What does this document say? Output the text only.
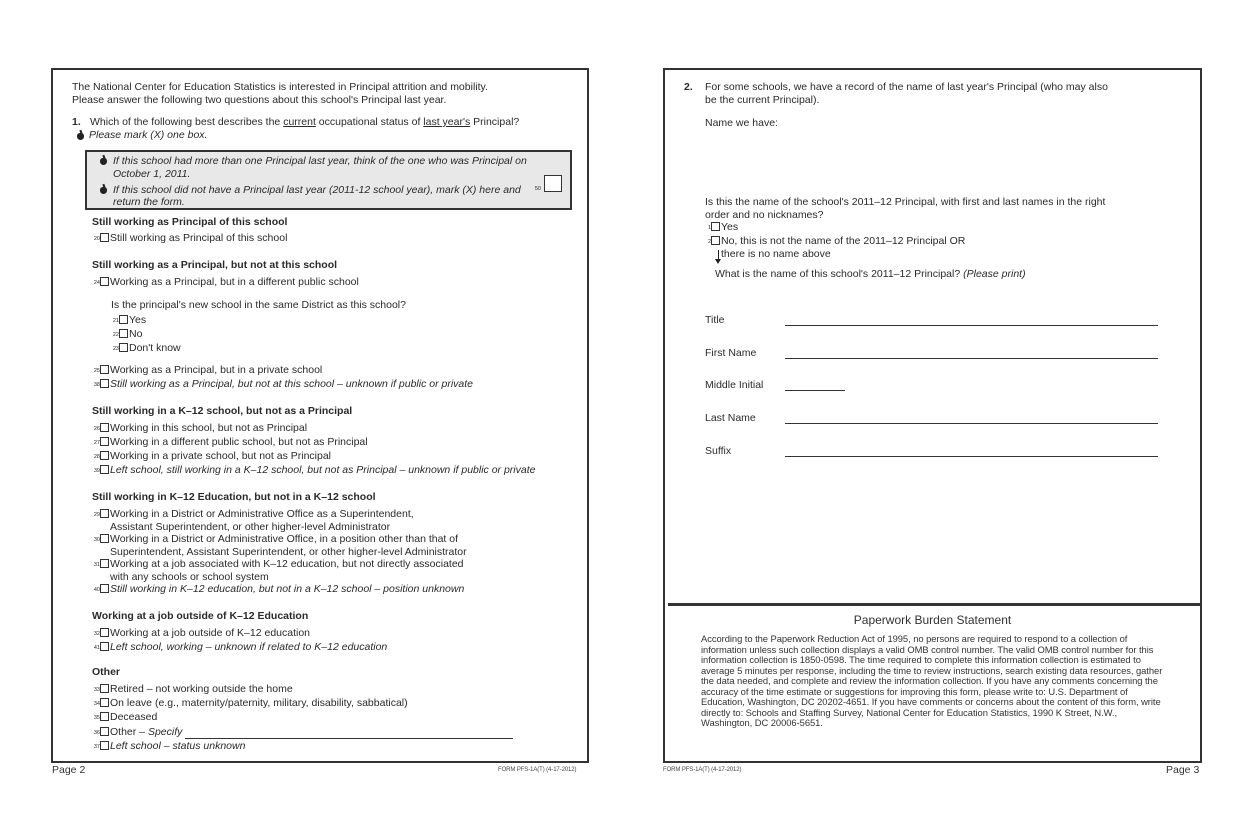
The National Center for Education Statistics is interested in Principal attrition and mobility.
Please answer the following two questions about this school's Principal last year.
1. Which of the following best describes the current occupational status of last year's Principal?
Please mark (X) one box.
If this school had more than one Principal last year, think of the one who was Principal on October 1, 2011.
If this school did not have a Principal last year (2011-12 school year), mark (X) here and return the form.
50
Still working as Principal of this school
20 Still working as Principal of this school
Still working as a Principal, but not at this school
24 Working as a Principal, but in a different public school
Is the principal's new school in the same District as this school?
21 Yes
22 No
23 Don't know
25 Working as a Principal, but in a private school
38 Still working as a Principal, but not at this school – unknown if public or private
Still working in a K–12 school, but not as a Principal
26 Working in this school, but not as Principal
27 Working in a different public school, but not as Principal
28 Working in a private school, but not as Principal
39 Left school, still working in a K–12 school, but not as Principal – unknown if public or private
Still working in K–12 Education, but not in a K–12 school
29 Working in a District or Administrative Office as a Superintendent,
Assistant Superintendent, or other higher-level Administrator
30 Working in a District or Administrative Office, in a position other than that of
Superintendent, Assistant Superintendent, or other higher-level Administrator
31 Working at a job associated with K–12 education, but not directly associated
with any schools or school system
40 Still working in K–12 education, but not in a K–12 school – position unknown
Working at a job outside of K–12 Education
32 Working at a job outside of K–12 education
41 Left school, working – unknown if related to K–12 education
Other
33 Retired – not working outside the home
34 On leave (e.g., maternity/paternity, military, disability, sabbatical)
35 Deceased
36 Other – Specify
37 Left school – status unknown
Page 2	FORM PFS-1A(T) (4-17-2012)
2.	For some schools, we have a record of the name of last year's Principal (who may also
be the current Principal).
Name we have:
Is this the name of the school's 2011–12 Principal, with first and last names in the right
order and no nicknames?
1 Yes
2 No, this is not the name of the 2011–12 Principal OR
there is no name above
What is the name of this school's 2011–12 Principal? (Please print)
Title
First Name
Middle Initial
Last Name
Suffix
Paperwork Burden Statement
According to the Paperwork Reduction Act of 1995, no persons are required to respond to a collection of information unless such collection displays a valid OMB control number. The valid OMB control number for this information collection is 1850-0598. The time required to complete this information collection is estimated to average 5 minutes per response, including the time to review instructions, search existing data resources, gather the data needed, and complete and review the information collection. If you have any comments concerning the accuracy of the time estimate or suggestions for improving this form, please write to: U.S. Department of Education, Washington, DC 20202-4651. If you have comments or concerns about the content of this form, write directly to: Schools and Staffing Survey, National Center for Education Statistics, 1990 K Street, N.W., Washington, DC 20006-5651.
FORM PFS-1A(T) (4-17-2012)	Page 3
